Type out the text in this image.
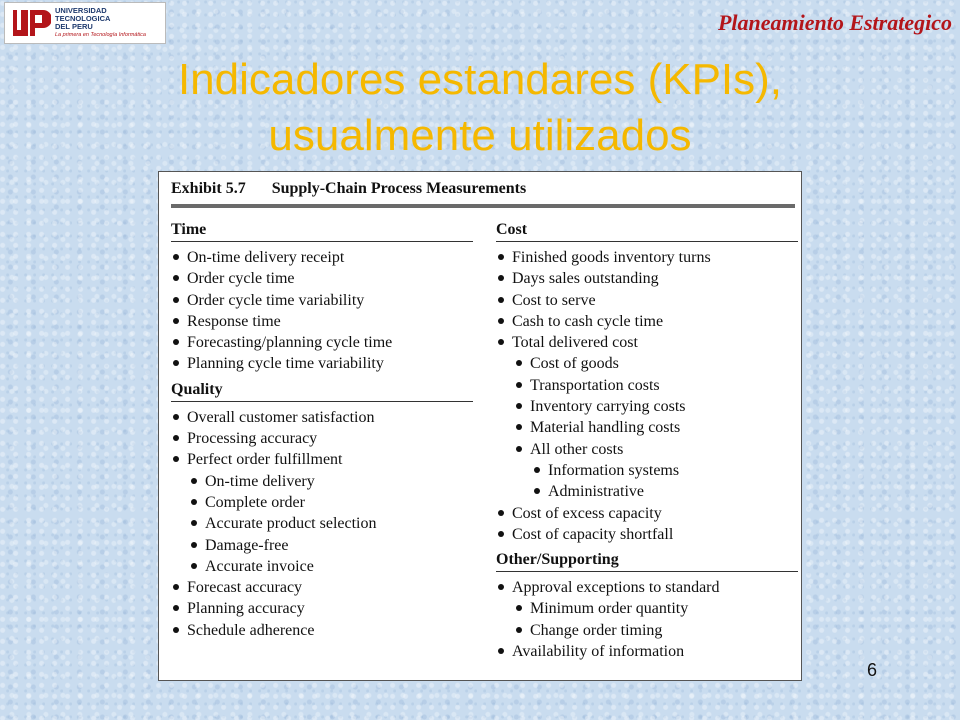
UNIVERSIDAD
TECNOLOGICA
DEL PERU
La primera en Tecnología Informática	Planeamiento Estrategico
Indicadores estandares (KPIs),
usualmente utilizados
Exhibit 5.7 Supply-Chain Process Measurements
Time
On-time delivery receipt
Order cycle time
Order cycle time variability
Response time
Forecasting/planning cycle time
Planning cycle time variability
Quality
Overall customer satisfaction
Processing accuracy
Perfect order fulfillment
On-time delivery
Complete order
Accurate product selection
Damage-free
Accurate invoice
Forecast accuracy
Planning accuracy
Schedule adherence
Cost
Finished goods inventory turns
Days sales outstanding
Cost to serve
Cash to cash cycle time
Total delivered cost
Cost of goods
Transportation costs
Inventory carrying costs
Material handling costs
All other costs
Information systems
Administrative
Cost of excess capacity
Cost of capacity shortfall
Other/Supporting
Approval exceptions to standard
Minimum order quantity
Change order timing
Availability of information
6
